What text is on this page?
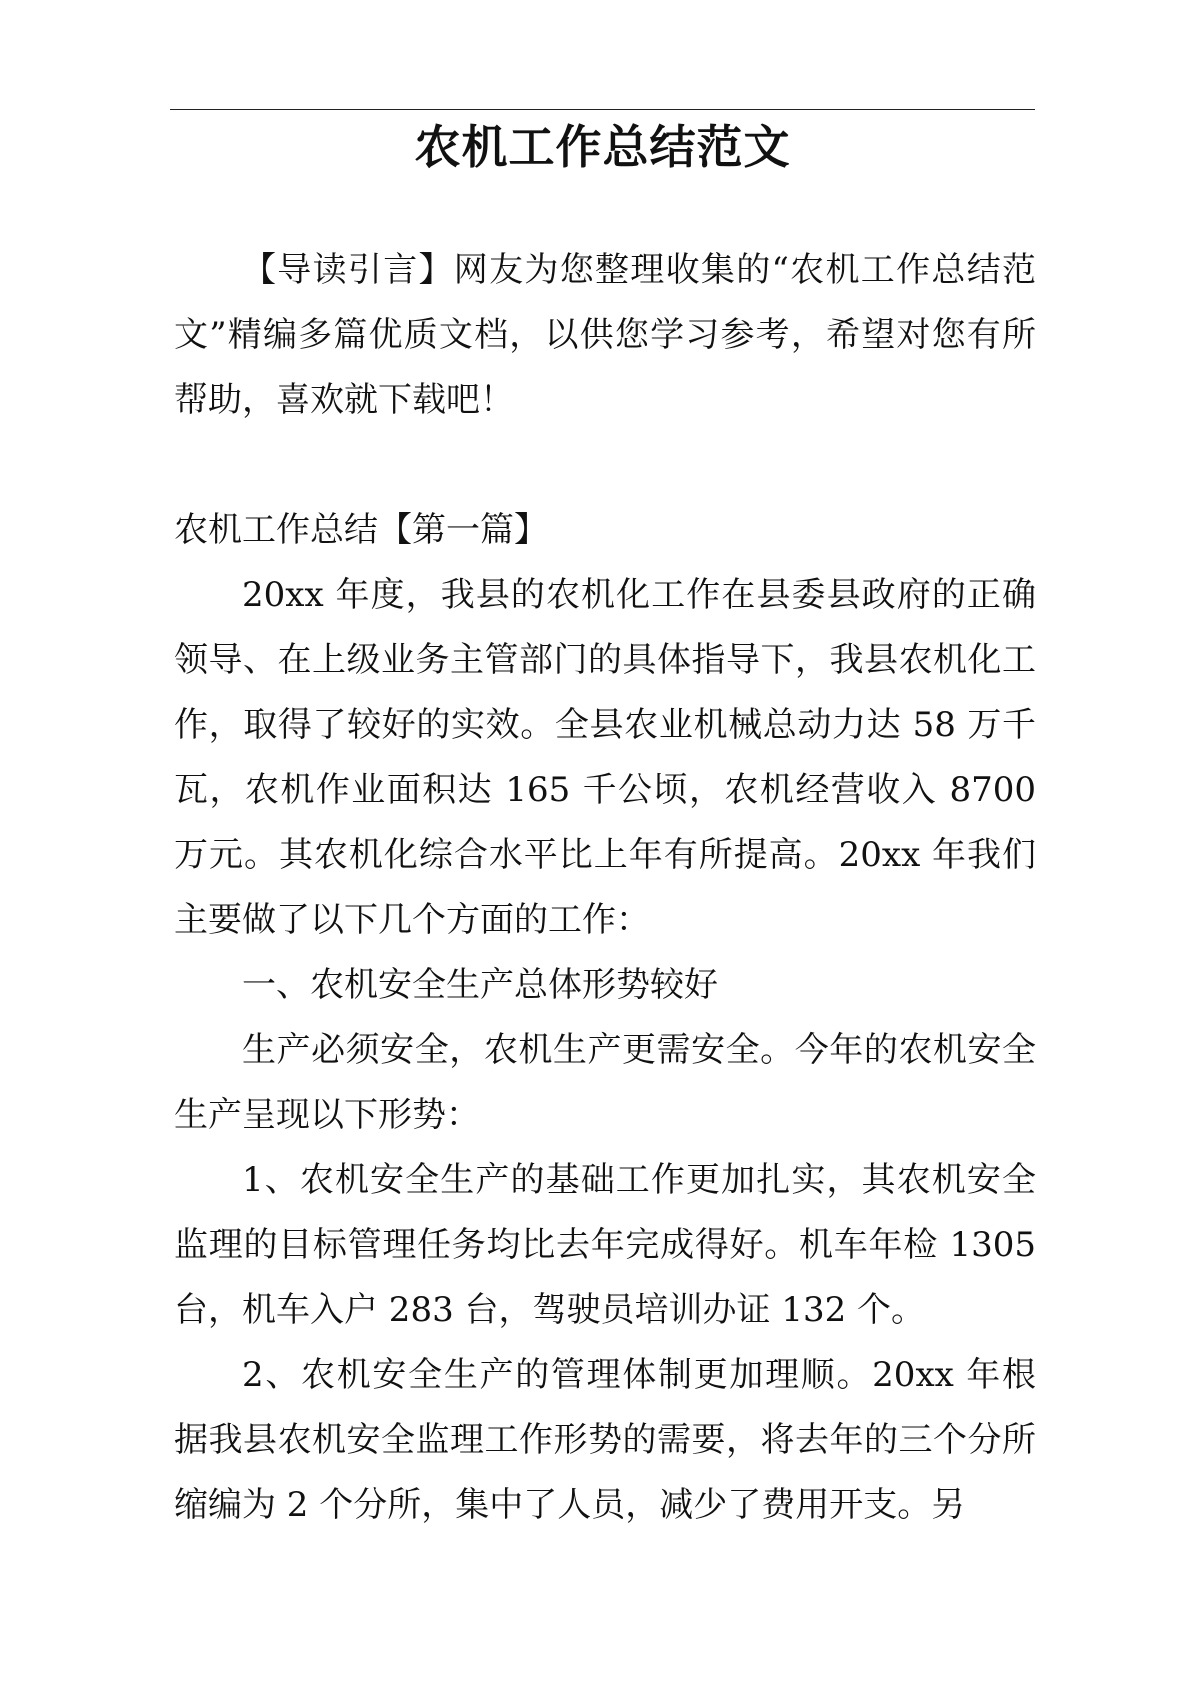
农机工作总结范文

【导读引言】网友为您整理收集的“农机工作总结范文”精编多篇优质文档，以供您学习参考，希望对您有所帮助，喜欢就下载吧！

农机工作总结【第一篇】

20xx 年度，我县的农机化工作在县委县政府的正确领导、在上级业务主管部门的具体指导下，我县农机化工作，取得了较好的实效。全县农业机械总动力达 58 万千瓦，农机作业面积达 165 千公顷，农机经营收入 8700 万元。其农机化综合水平比上年有所提高。20xx 年我们主要做了以下几个方面的工作：

一、农机安全生产总体形势较好

生产必须安全，农机生产更需安全。今年的农机安全生产呈现以下形势：

1、农机安全生产的基础工作更加扎实，其农机安全监理的目标管理任务均比去年完成得好。机车年检 1305 台，机车入户 283 台，驾驶员培训办证 132 个。

2、农机安全生产的管理体制更加理顺。20xx 年根据我县农机安全监理工作形势的需要，将去年的三个分所缩编为 2 个分所，集中了人员，减少了费用开支。另
